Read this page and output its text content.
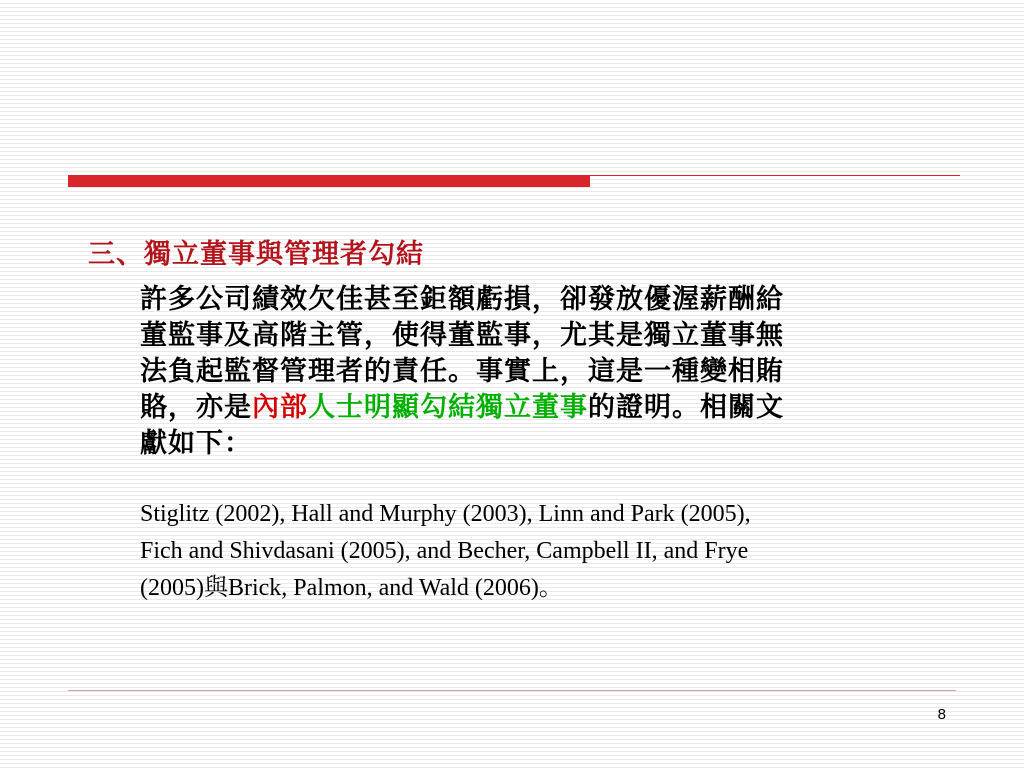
三、獨立董事與管理者勾結

許多公司績效欠佳甚至鉅額虧損，卻發放優渥薪酬給
董監事及高階主管，使得董監事，尤其是獨立董事無
法負起監督管理者的責任。事實上，這是一種變相賄
賂，亦是內部人士明顯勾結獨立董事的證明。相關文
獻如下：

Stiglitz (2002), Hall and Murphy (2003), Linn and Park (2005),
Fich and Shivdasani (2005), and Becher, Campbell II, and Frye
(2005)與Brick, Palmon, and Wald (2006)。

8
